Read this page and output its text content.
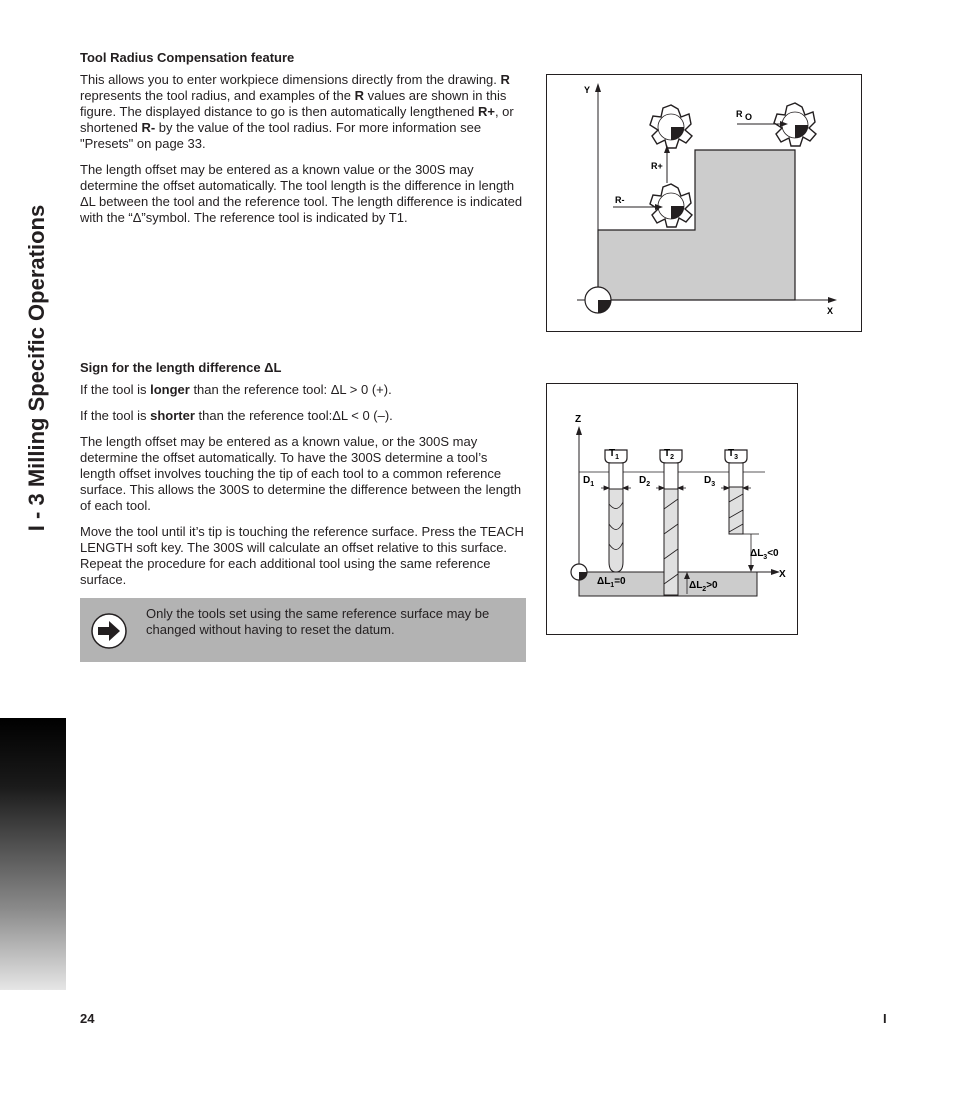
I - 3 Milling Specific Operations
Tool Radius Compensation feature

This allows you to enter workpiece dimensions directly from the drawing. R represents the tool radius, and examples of the R values are shown in this figure. The displayed distance to go is then automatically lengthened R+, or shortened R- by the value of the tool radius. For more information see "Presets" on page 33.

The length offset may be entered as a known value or the 300S may determine the offset automatically. The tool length is the difference in length ΔL between the tool and the reference tool. The length difference is indicated with the “Δ”symbol. The reference tool is indicated by T1.

Sign for the length difference ΔL

If the tool is longer than the reference tool: ΔL > 0 (+).

If the tool is shorter than the reference tool:ΔL < 0 (–).

The length offset may be entered as a known value, or the 300S may determine the offset automatically. To have the 300S determine a tool’s length offset involves touching the tip of each tool to a common reference surface. This allows the 300S to determine the difference between the length of each tool.

Move the tool until it’s tip is touching the reference surface. Press the TEACH LENGTH soft key. The 300S will calculate an offset relative to this surface. Repeat the procedure for each additional tool using the same reference surface.

Only the tools set using the same reference surface may be changed without having to reset the datum.
Y
X
R O
R+
R-
Z
X
$T_1$	$T_2$	$T_3$
$D_1$	$D_2$	$D_3$
$\Delta L_3<0$
$\Delta L_1=0$	$\Delta L_2>0$
24	I
